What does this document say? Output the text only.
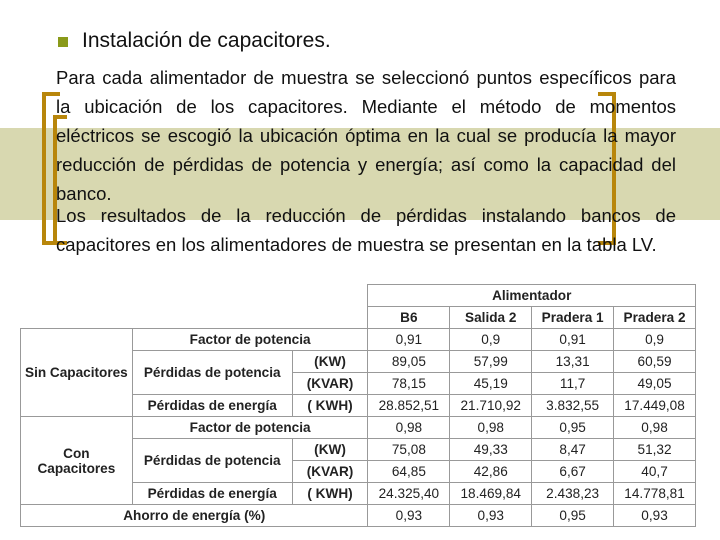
Instalación de capacitores.
Para cada alimentador de muestra se seleccionó puntos específicos para la ubicación de los capacitores. Mediante el método de momentos eléctricos se escogió la ubicación óptima en la cual se producía la mayor reducción de pérdidas de potencia y energía; así como la capacidad del banco.
Los resultados de la reducción de pérdidas instalando bancos de capacitores en los alimentadores de muestra se presentan en la tabla LV.
			Alimentador			
			B6	Salida 2	Pradera 1	Pradera 2
Sin Capacitores	Factor de potencia		0,91	0,9	0,91	0,9
	Pérdidas de potencia	(KW)	89,05	57,99	13,31	60,59
		(KVAR)	78,15	45,19	11,7	49,05
	Pérdidas de energía	( KWH)	28.852,51	21.710,92	3.832,55	17.449,08
Con Capacitores	Factor de potencia		0,98	0,98	0,95	0,98
	Pérdidas de potencia	(KW)	75,08	49,33	8,47	51,32
		(KVAR)	64,85	42,86	6,67	40,7
	Pérdidas de energía	( KWH)	24.325,40	18.469,84	2.438,23	14.778,81
Ahorro de energía (%)			0,93	0,93	0,95	0,93
